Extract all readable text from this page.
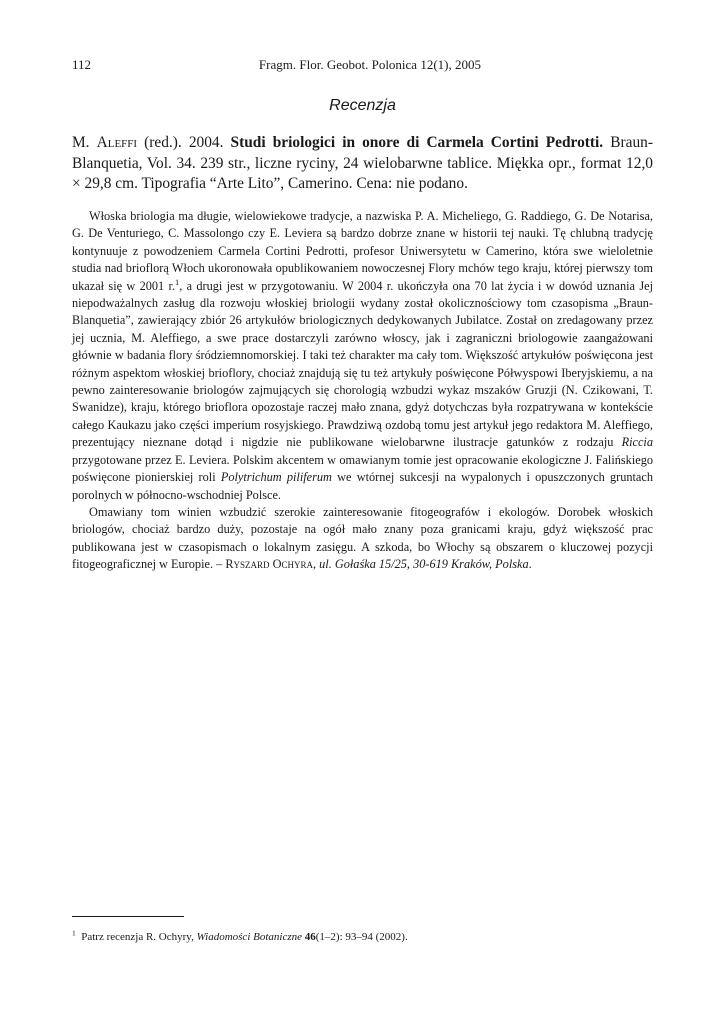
112	Fragm. Flor. Geobot. Polonica 12(1), 2005
Recenzja
M. Aleffi (red.). 2004. Studi briologici in onore di Carmela Cortini Pedrotti. Braun-Blanquetia, Vol. 34. 239 str., liczne ryciny, 24 wielobarwne tablice. Miękka opr., format 12,0 × 29,8 cm. Tipografia “Arte Lito”, Camerino. Cena: nie podano.

Włoska briologia ma długie, wielowiekowe tradycje, a nazwiska P. A. Micheliego, G. Raddiego, G. De Notarisa, G. De Venturiego, C. Massolongo czy E. Leviera są bardzo dobrze znane w historii tej nauki. Tę chlubną tradycję kontynuuje z powodzeniem Carmela Cortini Pedrotti, profesor Uniwersytetu w Camerino, która swe wieloletnie studia nad brioflorą Włoch ukoronowała opublikowaniem nowoczesnej Flory mchów tego kraju, której pierwszy tom ukazał się w 2001 r.$^1$, a drugi jest w przygotowaniu. W 2004 r. ukończyła ona 70 lat życia i w dowód uznania Jej niepodważalnych zasług dla rozwoju włoskiej briologii wydany został okolicznościowy tom czasopisma „Braun-Blanquetia”, zawierający zbiór 26 artykułów briologicznych dedykowanych Jubilatce. Został on zredagowany przez jej ucznia, M. Aleffiego, a swe prace dostarczyli zarówno włoscy, jak i zagraniczni briologowie zaangażowani głównie w badania flory śródziemnomorskiej. I taki też charakter ma cały tom. Większość artykułów poświęcona jest różnym aspektom włoskiej brioflory, chociaż znajdują się tu też artykuły poświęcone Półwyspowi Iberyjskiemu, a na pewno zainteresowanie briologów zajmujących się chorologią wzbudzi wykaz mszaków Gruzji (N. Czikowani, T. Swanidze), kraju, którego brioflora opozostaje raczej mało znana, gdyż dotychczas była rozpatrywana w kontekście całego Kaukazu jako części imperium rosyjskiego. Prawdziwą ozdobą tomu jest artykuł jego redaktora M. Aleffiego, prezentujący nieznane dotąd i nigdzie nie publikowane wielobarwne ilustracje gatunków z rodzaju Riccia przygotowane przez E. Leviera. Polskim akcentem w omawianym tomie jest opracowanie ekologiczne J. Falińskiego poświęcone pionierskiej roli Polytrichum piliferum we wtórnej sukcesji na wypalonych i opuszczonych gruntach porolnych w północno-wschodniej Polsce.

Omawiany tom winien wzbudzić szerokie zainteresowanie fitogeografów i ekologów. Dorobek włoskich briologów, chociaż bardzo duży, pozostaje na ogół mało znany poza granicami kraju, gdyż większość prac publikowana jest w czasopismach o lokalnym zasięgu. A szkoda, bo Włochy są obszarem o kluczowej pozycji fitogeograficznej w Europie. – Ryszard Ochyra, ul. Gołaśka 15/25, 30-619 Kraków, Polska.

$^1$ Patrz recenzja R. Ochyry, Wiadomości Botaniczne 46(1–2): 93–94 (2002).
